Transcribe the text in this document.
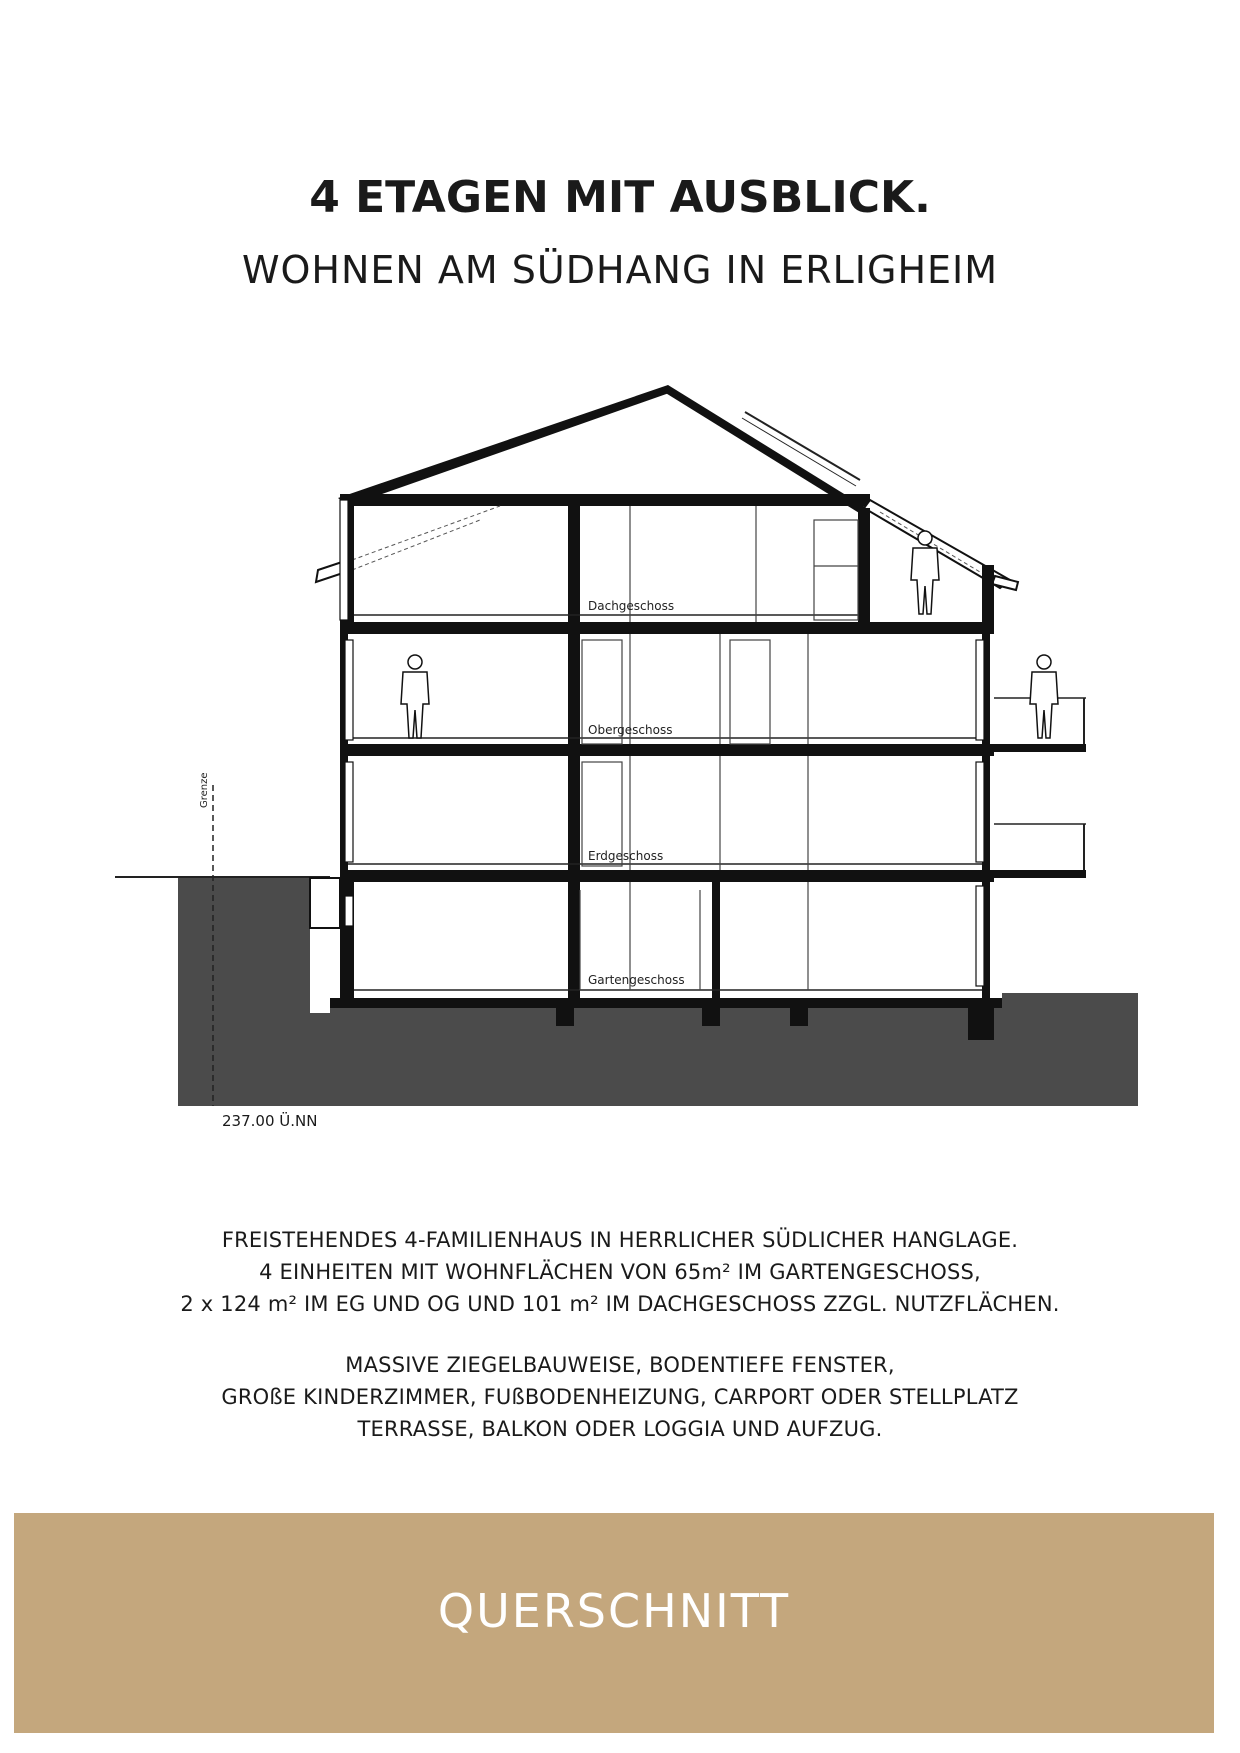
4 ETAGEN MIT AUSBLICK.
WOHNEN AM SÜDHANG IN ERLIGHEIM
Grenze
Dachgeschoss
Obergeschoss
Erdgeschoss
Gartengeschoss
237.00 Ü.NN
FREISTEHENDES 4-FAMILIENHAUS IN HERRLICHER SÜDLICHER HANGLAGE.
4 EINHEITEN MIT WOHNFLÄCHEN VON 65m² IM GARTENGESCHOSS,
2 x 124 m² IM EG UND OG UND 101 m² IM DACHGESCHOSS ZZGL. NUTZFLÄCHEN.
MASSIVE ZIEGELBAUWEISE, BODENTIEFE FENSTER,
GROßE KINDERZIMMER, FUßBODENHEIZUNG, CARPORT ODER STELLPLATZ
TERRASSE, BALKON ODER LOGGIA UND AUFZUG.
QUERSCHNITT
